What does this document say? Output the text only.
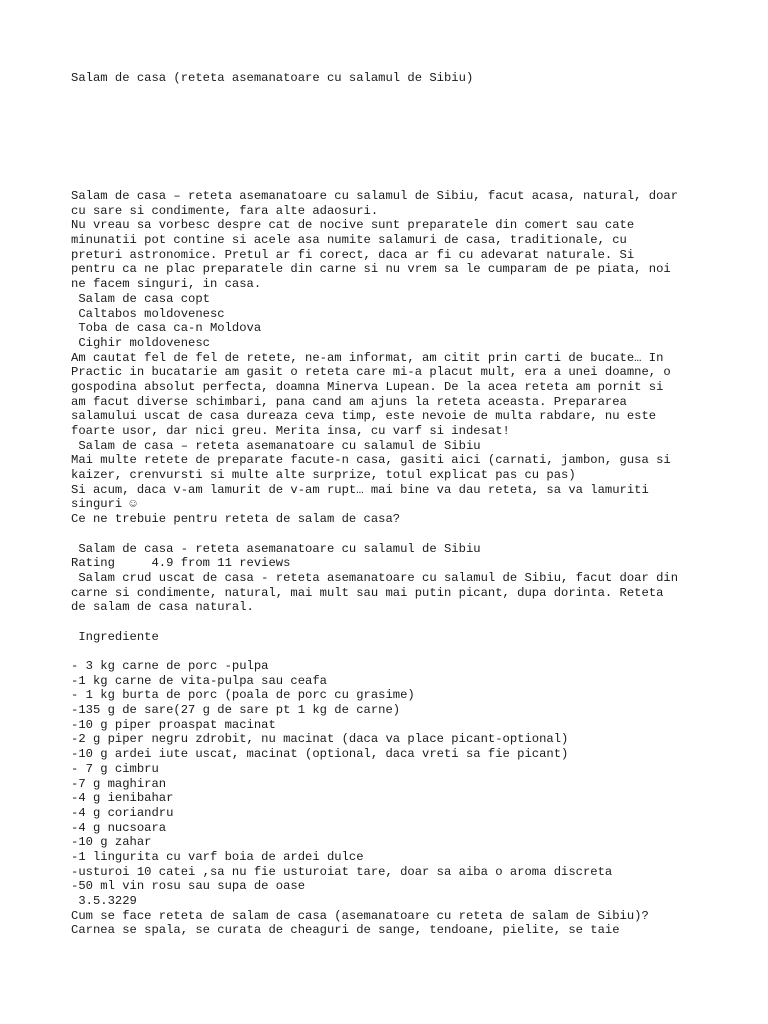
Salam de casa (reteta asemanatoare cu salamul de Sibiu)
Salam de casa – reteta asemanatoare cu salamul de Sibiu, facut acasa, natural, doar
cu sare si condimente, fara alte adaosuri.
Nu vreau sa vorbesc despre cat de nocive sunt preparatele din comert sau cate
minunatii pot contine si acele asa numite salamuri de casa, traditionale, cu
preturi astronomice. Pretul ar fi corect, daca ar fi cu adevarat naturale. Si
pentru ca ne plac preparatele din carne si nu vrem sa le cumparam de pe piata, noi
ne facem singuri, in casa.
Salam de casa copt
Caltabos moldovenesc
Toba de casa ca-n Moldova
Cighir moldovenesc
Am cautat fel de fel de retete, ne-am informat, am citit prin carti de bucate… In
Practic in bucatarie am gasit o reteta care mi-a placut mult, era a unei doamne, o
gospodina absolut perfecta, doamna Minerva Lupean. De la acea reteta am pornit si
am facut diverse schimbari, pana cand am ajuns la reteta aceasta. Prepararea
salamului uscat de casa dureaza ceva timp, este nevoie de multa rabdare, nu este
foarte usor, dar nici greu. Merita insa, cu varf si indesat!
Salam de casa – reteta asemanatoare cu salamul de Sibiu
Mai multe retete de preparate facute-n casa, gasiti aici (carnati, jambon, gusa si
kaizer, crenvursti si multe alte surprize, totul explicat pas cu pas)
Si acum, daca v-am lamurit de v-am rupt… mai bine va dau reteta, sa va lamuriti
singuri ☺
Ce ne trebuie pentru reteta de salam de casa?
Salam de casa - reteta asemanatoare cu salamul de Sibiu
Rating     4.9 from 11 reviews
Salam crud uscat de casa - reteta asemanatoare cu salamul de Sibiu, facut doar din
carne si condimente, natural, mai mult sau mai putin picant, dupa dorinta. Reteta
de salam de casa natural.
Ingrediente
- 3 kg carne de porc -pulpa
-1 kg carne de vita-pulpa sau ceafa
- 1 kg burta de porc (poala de porc cu grasime)
-135 g de sare(27 g de sare pt 1 kg de carne)
-10 g piper proaspat macinat
-2 g piper negru zdrobit, nu macinat (daca va place picant-optional)
-10 g ardei iute uscat, macinat (optional, daca vreti sa fie picant)
- 7 g cimbru
-7 g maghiran
-4 g ienibahar
-4 g coriandru
-4 g nucsoara
-10 g zahar
-1 lingurita cu varf boia de ardei dulce
-usturoi 10 catei ,sa nu fie usturoiat tare, doar sa aiba o aroma discreta
-50 ml vin rosu sau supa de oase
3.5.3229
Cum se face reteta de salam de casa (asemanatoare cu reteta de salam de Sibiu)?
Carnea se spala, se curata de cheaguri de sange, tendoane, pielite, se taie
